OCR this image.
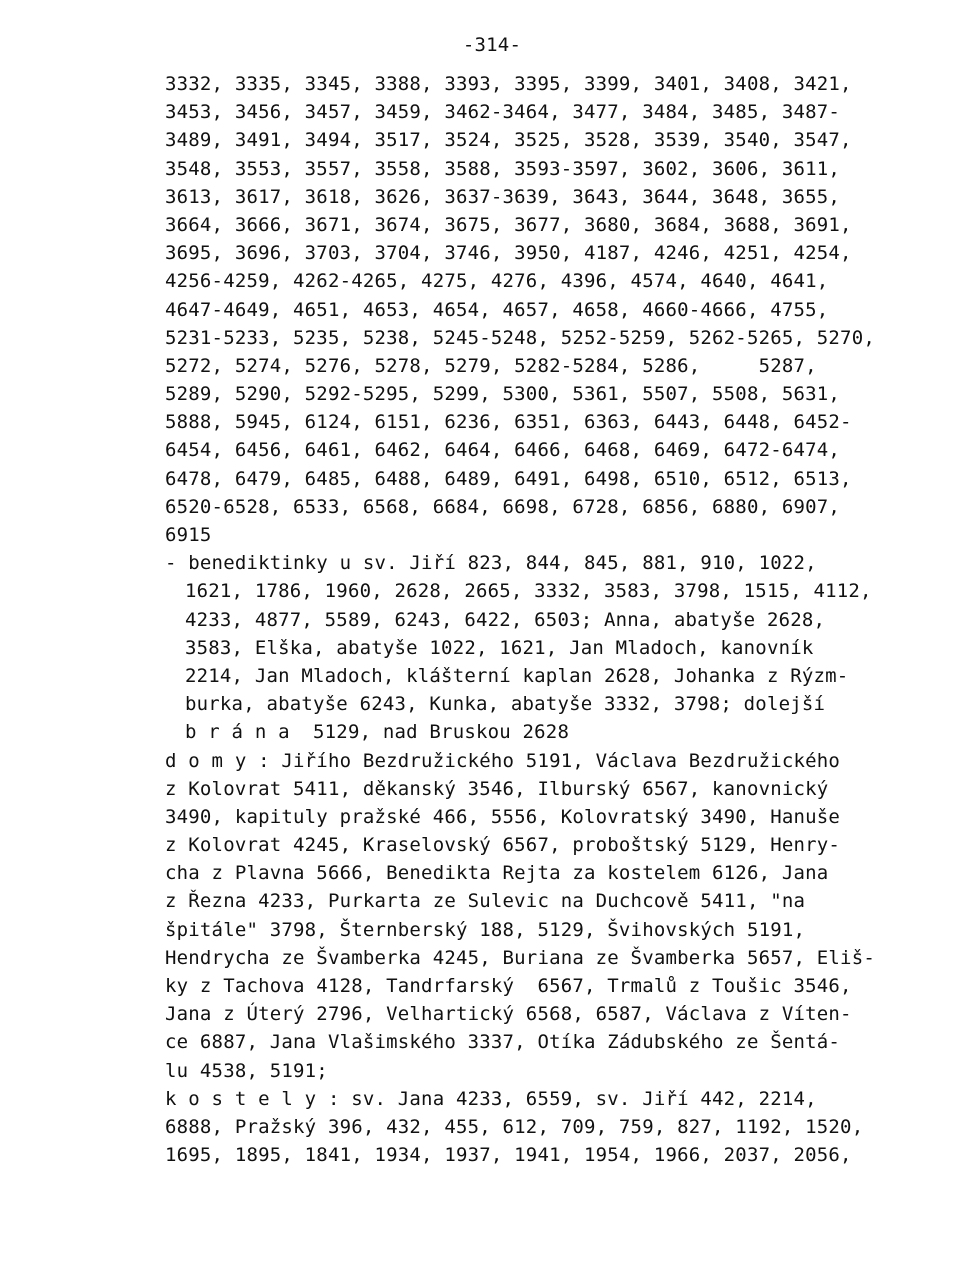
-314-
3332, 3335, 3345, 3388, 3393, 3395, 3399, 3401, 3408, 3421,
3453, 3456, 3457, 3459, 3462-3464, 3477, 3484, 3485, 3487-
3489, 3491, 3494, 3517, 3524, 3525, 3528, 3539, 3540, 3547,
3548, 3553, 3557, 3558, 3588, 3593-3597, 3602, 3606, 3611,
3613, 3617, 3618, 3626, 3637-3639, 3643, 3644, 3648, 3655,
3664, 3666, 3671, 3674, 3675, 3677, 3680, 3684, 3688, 3691,
3695, 3696, 3703, 3704, 3746, 3950, 4187, 4246, 4251, 4254,
4256-4259, 4262-4265, 4275, 4276, 4396, 4574, 4640, 4641,
4647-4649, 4651, 4653, 4654, 4657, 4658, 4660-4666, 4755,
5231-5233, 5235, 5238, 5245-5248, 5252-5259, 5262-5265, 5270,
5272, 5274, 5276, 5278, 5279, 5282-5284, 5286,     5287,
5289, 5290, 5292-5295, 5299, 5300, 5361, 5507, 5508, 5631,
5888, 5945, 6124, 6151, 6236, 6351, 6363, 6443, 6448, 6452-
6454, 6456, 6461, 6462, 6464, 6466, 6468, 6469, 6472-6474,
6478, 6479, 6485, 6488, 6489, 6491, 6498, 6510, 6512, 6513,
6520-6528, 6533, 6568, 6684, 6698, 6728, 6856, 6880, 6907,
6915
- benediktinky u sv. Jiří 823, 844, 845, 881, 910, 1022,
1621, 1786, 1960, 2628, 2665, 3332, 3583, 3798, 1515, 4112,
4233, 4877, 5589, 6243, 6422, 6503; Anna, abatyše 2628,
3583, Elška, abatyše 1022, 1621, Jan Mladoch, kanovník
2214, Jan Mladoch, klášterní kaplan 2628, Johanka z Rýzm-
burka, abatyše 6243, Kunka, abatyše 3332, 3798; dolejší
b r á n a  5129, nad Bruskou 2628
d o m y : Jiřího Bezdružického 5191, Václava Bezdružického
z Kolovrat 5411, děkanský 3546, Ilburský 6567, kanovnický
3490, kapituly pražské 466, 5556, Kolovratský 3490, Hanuše
z Kolovrat 4245, Kraselovský 6567, proboštský 5129, Henry-
cha z Plavna 5666, Benedikta Rejta za kostelem 6126, Jana
z Řezna 4233, Purkarta ze Sulevic na Duchcově 5411, "na
špitále" 3798, Šternberský 188, 5129, Švihovských 5191,
Hendrycha ze Švamberka 4245, Buriana ze Švamberka 5657, Eliš-
ky z Tachova 4128, Tandrfarský  6567, Trmalů z Toušic 3546,
Jana z Úterý 2796, Velhartický 6568, 6587, Václava z Víten-
ce 6887, Jana Vlašimského 3337, Otíka Zádubského ze Šentá-
lu 4538, 5191;
k o s t e l y : sv. Jana 4233, 6559, sv. Jiří 442, 2214,
6888, Pražský 396, 432, 455, 612, 709, 759, 827, 1192, 1520,
1695, 1895, 1841, 1934, 1937, 1941, 1954, 1966, 2037, 2056,
